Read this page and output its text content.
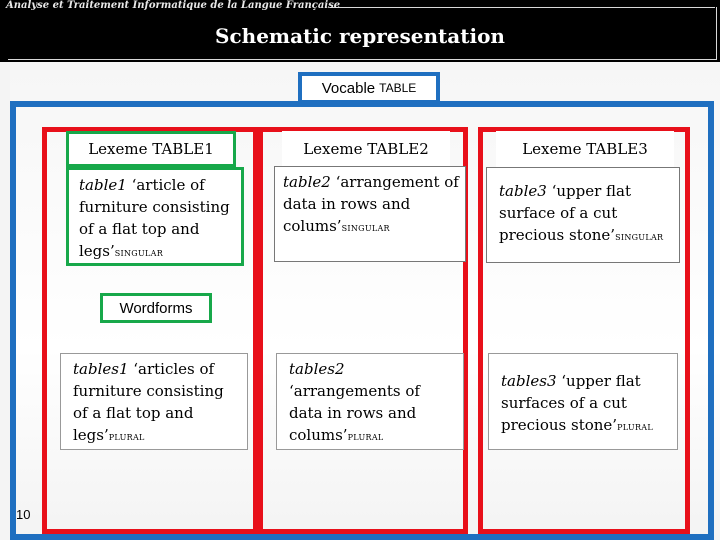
Analyse et Traitement Informatique de la Langue Française
Schematic representation
Vocable TABLE
Lexeme TABLE1	Lexeme TABLE2	Lexeme TABLE3
table1 ‘article of furniture consisting of a flat top and legs’SINGULAR
table2 ‘arrangement of data in rows and colums’SINGULAR
table3 ‘upper flat surface of a cut precious stone’SINGULAR
Wordforms
tables1 ‘articles of furniture consisting of a flat top and legs’PLURAL
tables2 ‘arrangements of data in rows and colums’PLURAL
tables3 ‘upper flat surfaces of a cut precious stone’PLURAL
10
